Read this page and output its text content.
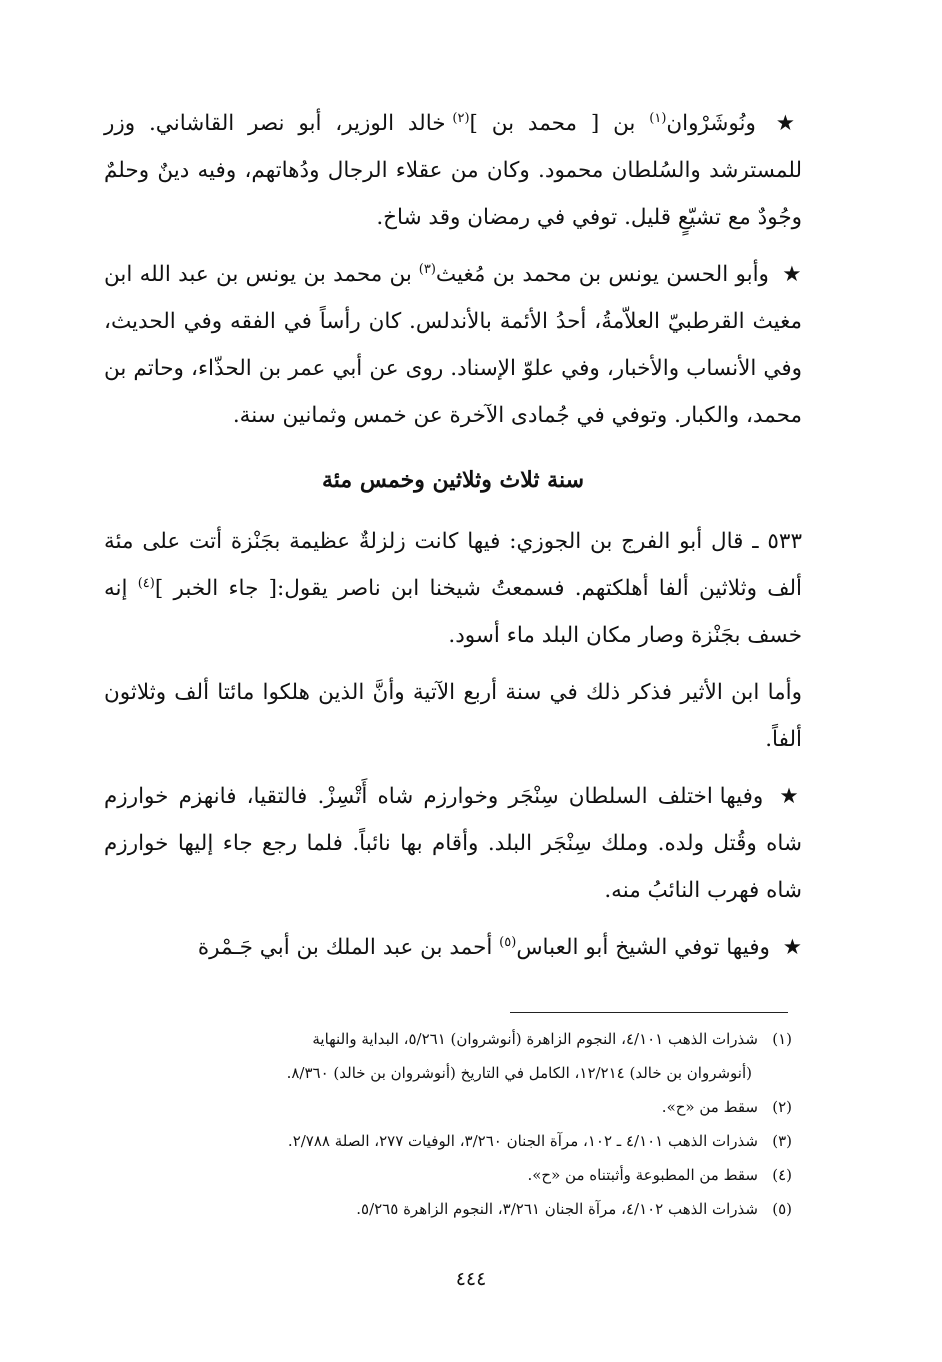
★ ونُوشَرْوان$^{(١)}$ بن [ محمد بن ]$^{(٢)}$ خالد الوزير، أبو نصر القاشاني. وزر للمسترشد والسُلطان محمود. وكان من عقلاء الرجال ودُهاتهم، وفيه دينٌ وحلمٌ وجُودٌ مع تشيّعٍ قليل. توفي في رمضان وقد شاخ.

★ وأبو الحسن يونس بن محمد بن مُغيث$^{(٣)}$ بن محمد بن يونس بن عبد الله ابن مغيث القرطبيّ العلاّمةُ، أحدُ الأئمة بالأندلس. كان رأساً في الفقه وفي الحديث، وفي الأنساب والأخبار، وفي علوّ الإسناد. روى عن أبي عمر بن الحذّاء، وحاتم بن محمد، والكبار. وتوفي في جُمادى الآخرة عن خمس وثمانين سنة.

سنة ثلاث وثلاثين وخمس مئة

٥٣٣ ـ قال أبو الفرج بن الجوزي: فيها كانت زلزلةٌ عظيمة بجَنْزة أتت على مئة ألف وثلاثين ألفا أهلكتهم. فسمعتُ شيخنا ابن ناصر يقول:[ جاء الخبر ]$^{(٤)}$ إنه خسف بجَنْزة وصار مكان البلد ماء أسود.

وأما ابن الأثير فذكر ذلك في سنة أربع الآتية وأنَّ الذين هلكوا مائتا ألف وثلاثون ألفاً.

★ وفيها اختلف السلطان سِنْجَر وخوارزم شاه أَتْسِزْ. فالتقيا، فانهزم خوارزم شاه وقُتل ولده. وملك سِنْجَر البلد. وأقام بها نائباً. فلما رجع جاء إليها خوارزم شاه فهرب النائبُ منه.

★ وفيها توفي الشيخ أبو العباس$^{(٥)}$ أحمد بن عبد الملك بن أبي جَـمْرة

(١)شذرات الذهب ٤/١٠١، النجوم الزاهرة (أنوشروان) ٥/٢٦١، البداية والنهاية

(أنوشروان بن خالد) ١٢/٢١٤، الكامل في التاريخ (أنوشروان بن خالد) ٨/٣٦٠.

(٢)سقط من «ح».

(٣)شذرات الذهب ٤/١٠١ ـ ١٠٢، مرآة الجنان ٣/٢٦٠، الوفيات ٢٧٧، الصلة ٢/٧٨٨.

(٤)سقط من المطبوعة وأثبتناه من «ح».

(٥)شذرات الذهب ٤/١٠٢، مرآة الجنان ٣/٢٦١، النجوم الزاهرة ٥/٢٦٥.

٤٤٤
